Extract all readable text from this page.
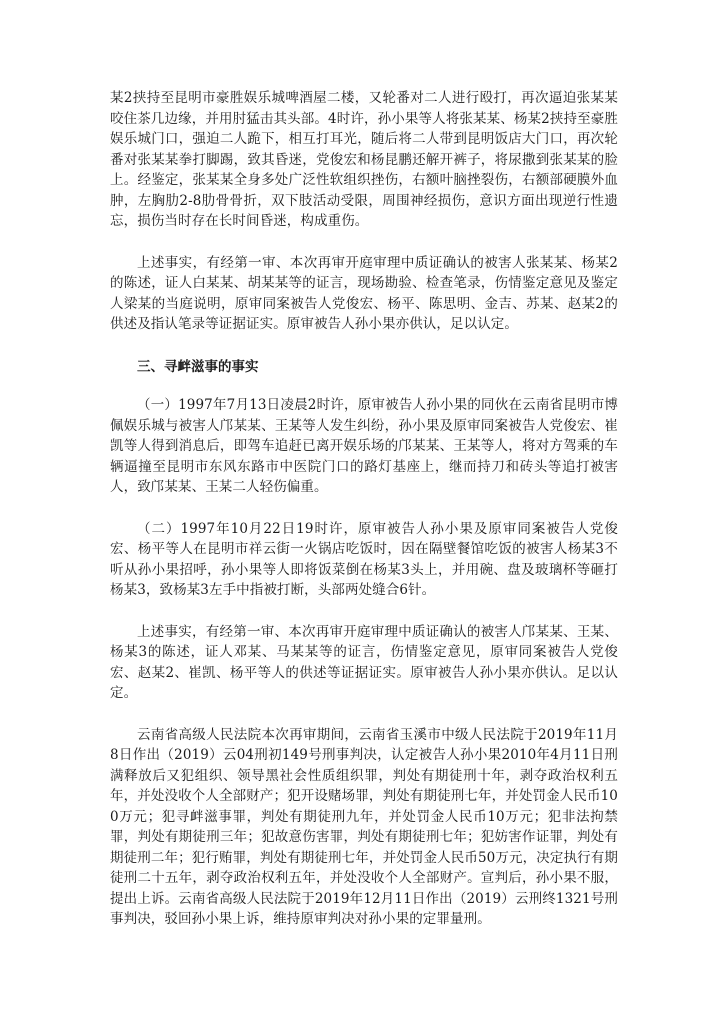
某2挟持至昆明市豪胜娱乐城啤酒屋二楼，又轮番对二人进行殴打，再次逼迫张某某咬住茶几边缘，并用肘猛击其头部。4时许，孙小果等人将张某某、杨某2挟持至豪胜娱乐城门口，强迫二人跪下，相互打耳光，随后将二人带到昆明饭店大门口，再次轮番对张某某拳打脚踢，致其昏迷，党俊宏和杨昆鹏还解开裤子，将尿撒到张某某的脸上。经鉴定，张某某全身多处广泛性软组织挫伤，右额叶脑挫裂伤，右额部硬膜外血肿，左胸肋2-8肋骨骨折，双下肢活动受限，周围神经损伤，意识方面出现逆行性遗忘，损伤当时存在长时间昏迷，构成重伤。

上述事实，有经第一审、本次再审开庭审理中质证确认的被害人张某某、杨某2的陈述，证人白某某、胡某某等的证言，现场勘验、检查笔录，伤情鉴定意见及鉴定人梁某的当庭说明，原审同案被告人党俊宏、杨平、陈思明、金吉、苏某、赵某2的供述及指认笔录等证据证实。原审被告人孙小果亦供认，足以认定。

三、寻衅滋事的事实

（一）1997年7月13日凌晨2时许，原审被告人孙小果的同伙在云南省昆明市博佩娱乐城与被害人邝某某、王某等人发生纠纷，孙小果及原审同案被告人党俊宏、崔凯等人得到消息后，即驾车追赶已离开娱乐场的邝某某、王某等人，将对方驾乘的车辆逼撞至昆明市东风东路市中医院门口的路灯基座上，继而持刀和砖头等追打被害人，致邝某某、王某二人轻伤偏重。

（二）1997年10月22日19时许，原审被告人孙小果及原审同案被告人党俊宏、杨平等人在昆明市祥云街一火锅店吃饭时，因在隔壁餐馆吃饭的被害人杨某3不听从孙小果招呼，孙小果等人即将饭菜倒在杨某3头上，并用碗、盘及玻璃杯等砸打杨某3，致杨某3左手中指被打断，头部两处缝合6针。

上述事实，有经第一审、本次再审开庭审理中质证确认的被害人邝某某、王某、杨某3的陈述，证人邓某、马某某等的证言，伤情鉴定意见，原审同案被告人党俊宏、赵某2、崔凯、杨平等人的供述等证据证实。原审被告人孙小果亦供认。足以认定。

云南省高级人民法院本次再审期间，云南省玉溪市中级人民法院于2019年11月8日作出（2019）云04刑初149号刑事判决，认定被告人孙小果2010年4月11日刑满释放后又犯组织、领导黑社会性质组织罪，判处有期徒刑十年，剥夺政治权利五年，并处没收个人全部财产；犯开设赌场罪，判处有期徒刑七年，并处罚金人民币100万元；犯寻衅滋事罪，判处有期徒刑九年，并处罚金人民币10万元；犯非法拘禁罪，判处有期徒刑三年；犯故意伤害罪，判处有期徒刑七年；犯妨害作证罪，判处有期徒刑二年；犯行贿罪，判处有期徒刑七年，并处罚金人民币50万元，决定执行有期徒刑二十五年，剥夺政治权利五年，并处没收个人全部财产。宣判后，孙小果不服，提出上诉。云南省高级人民法院于2019年12月11日作出（2019）云刑终1321号刑事判决，驳回孙小果上诉，维持原审判决对孙小果的定罪量刑。
